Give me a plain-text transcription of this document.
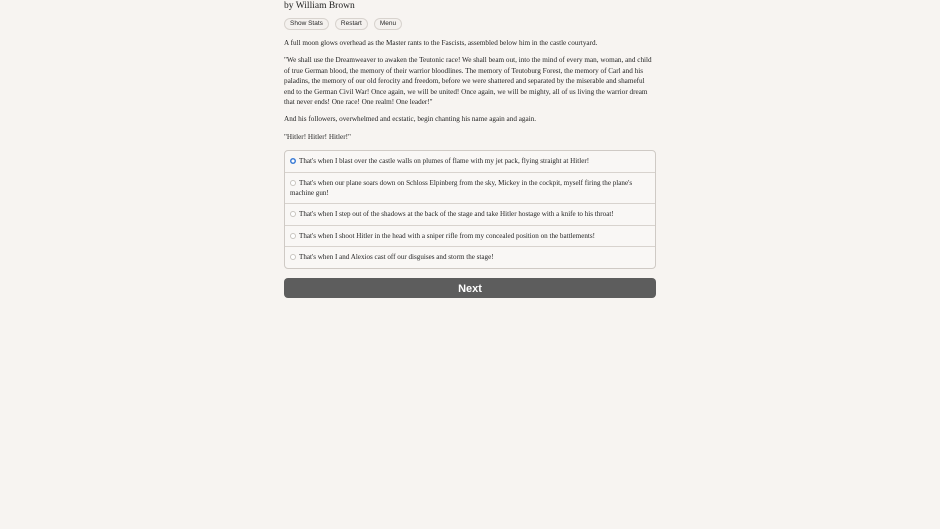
by William Brown
Show Stats	Restart	Menu

A full moon glows overhead as the Master rants to the Fascists, assembled below him in the castle courtyard.

"We shall use the Dreamweaver to awaken the Teutonic race! We shall beam out, into the mind of every man, woman, and child of true German blood, the memory of their warrior bloodlines. The memory of Teutoburg Forest, the memory of Carl and his paladins, the memory of our old ferocity and freedom, before we were shattered and separated by the miserable and shameful end to the German Civil War! Once again, we will be united! Once again, we will be mighty, all of us living the warrior dream that never ends! One race! One realm! One leader!"

And his followers, overwhelmed and ecstatic, begin chanting his name again and again.

"Hitler! Hitler! Hitler!"

That's when I blast over the castle walls on plumes of flame with my jet pack, flying straight at Hitler!
That's when our plane soars down on Schloss Elpinberg from the sky, Mickey in the cockpit, myself firing the plane's machine gun!
That's when I step out of the shadows at the back of the stage and take Hitler hostage with a knife to his throat!
That's when I shoot Hitler in the head with a sniper rifle from my concealed position on the battlements!
That's when I and Alexios cast off our disguises and storm the stage!
Next
